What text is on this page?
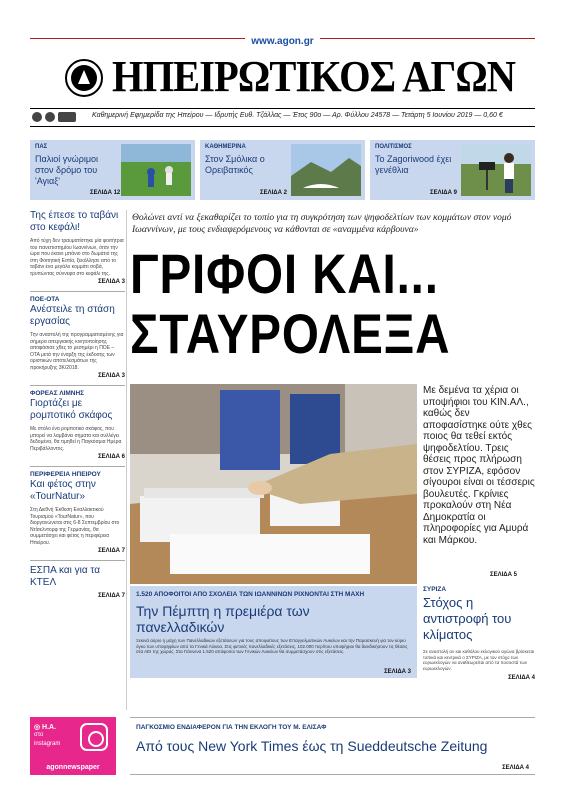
www.agon.gr
ΗΠΕΙΡΩΤΙΚΟΣ ΑΓΩΝ
Καθημερινή Εφημερίδα της Ηπείρου — Ιδρυτής Ευθ. Τζάλλας — Έτος 90ο — Αρ. Φύλλου 24578 — Τετάρτη 5 Ιουνίου 2019 — 0,60 €
ΠΑΣ
Παλιοί γνώριμοι στον δρόμο του 'Αγιαξ'
ΣΕΛΙΔΑ 12
ΚΑΘΗΜΕΡΙΝΑ
Στον Σμόλικα ο Ορειβατικός
ΣΕΛΙΔΑ 2
ΠΟΛΙΤΙΣΜΟΣ
Το Zagoriwood έχει γενέθλια
ΣΕΛΙΔΑ 9
Της έπεσε το ταβάνι στο κεφάλι!
Από τύχη δεν τραυματίστηκε μία φοιτήτρια του πανεπιστημίου Ιωαννίνων, όταν την ώρα που έκανε μπάνιο στο δωμάτιό της στη Φοιτητική Εστία, ξεκόλλησε από το ταβάνι ένα μεγάλο κομμάτι σοβά, τρυπώντας σύννεφα στο κεφάλι της.
ΣΕΛΙΔΑ 3
ΠΟΕ-ΟΤΑ
Ανέστειλε τη στάση εργασίας
Την αναστολή της προγραμματισμένης για σήμερα απεργιακής κινητοποίησης αποφάσισε χθες το μεσημέρι η ΠΟΕ – ΟΤΑ μετά την έναρξη της έκδοσης των οριστικών αποτελεσμάτων της προκήρυξης 3Κ/2018.
ΣΕΛΙΔΑ 3
ΦΟΡΕΑΣ ΛΙΜΝΗΣ
Γιορτάζει με ρομποτικό σκάφος
Με στόλο ένα ρομποτικό σκάφος, που μπορεί να λαμβάνει σηματα και συλλέγει δεδομένα, θα τιμηθεί η Παγκόσμια Ημέρα Περιβάλλοντος.
ΣΕΛΙΔΑ 6
ΠΕΡΙΦΕΡΕΙΑ ΗΠΕΙΡΟΥ
Και φέτος στην «TourNatur»
Στη Διεθνή Έκθεση Εναλλακτικού Τουρισμού «TourNatur», που διοργανώνεται στις 6-8 Σεπτεμβρίου στο Ντίσελντορφ της Γερμανίας, θα συμμετάσχει και φέτος η περιφέρεια Ηπείρου.
ΣΕΛΙΔΑ 7
ΕΣΠΑ και για τα ΚΤΕΛ
ΣΕΛΙΔΑ 7
Θολώνει αντί να ξεκαθαρίζει το τοπίο για τη συγκρότηση των ψηφοδελτίων των κομμάτων στον νομό Ιωαννίνων, με τους ενδιαφερόμενους να κάθονται σε «αναμμένα κάρβουνα»
ΓΡΙΦΟΙ ΚΑΙ...
ΣΤΑΥΡΟΛΕΞΑ
Με δεμένα τα χέρια οι υποψήφιοι του ΚΙΝ.ΑΛ., καθώς δεν αποφασίστηκε ούτε χθες ποιος θα τεθεί εκτός ψηφοδελτίου. Τρεις θέσεις προς πλήρωση στον ΣΥΡΙΖΑ, εφόσον σίγουροι είναι οι τέσσερις βουλευτές. Γκρίνιες προκαλούν στη Νέα Δημοκρατία οι πληροφορίες για Αμυρά και Μάρκου.
ΣΕΛΙΔΑ 5
1.520 ΑΠΟΦΟΙΤΟΙ ΑΠΟ ΣΧΟΛΕΙΑ ΤΩΝ ΙΩΑΝΝΙΝΩΝ ΡΙΧΝΟΝΤΑΙ ΣΤΗ ΜΑΧΗ
Την Πέμπτη η πρεμιέρα των πανελλαδικών
Ξεκινά αύριο η μάχη των Πανελλαδικών εξετάσεων για τους αποφοίτους των Επαγγελματικών Λυκείων και την Παρασκευή για τον κύριο όγκο των υποψηφίων από τα Γενικά Λύκεια. Στις φετινές πανελλαδικές εξετάσεις, 102.000 περίπου υποψήφιοι θα διεκδικήσουν τις θέσεις στα ΑΕΙ της χώρας. Στα Γιάννενα 1.520 απόφοιτοι των Γενικών Λυκείων θα συμμετάσχουν στις εξετάσεις.
ΣΕΛΙΔΑ 3
ΣΥΡΙΖΑ
Στόχος η αντιστροφή του κλίματος
Σε αναστολή αν και καθόλου εκλογικού αγώνα βρίσκεται τοπικά και κεντρικά ο ΣΥΡΙΖΑ, με τον στόχο των ευρωεκλογών να αναθεωρείται από τα ποσοστά των ευρωεκλογών.
ΣΕΛΙΔΑ 4
◎ Η.Α.
στο
instagram
agonnewspaper
ΠΑΓΚΟΣΜΙΟ ΕΝΔΙΑΦΕΡΟΝ ΓΙΑ ΤΗΝ ΕΚΛΟΓΗ ΤΟΥ Μ. ΕΛΙΣΑΦ
Από τους New York Times έως τη Sueddeutsche Zeitung
ΣΕΛΙΔΑ 4
